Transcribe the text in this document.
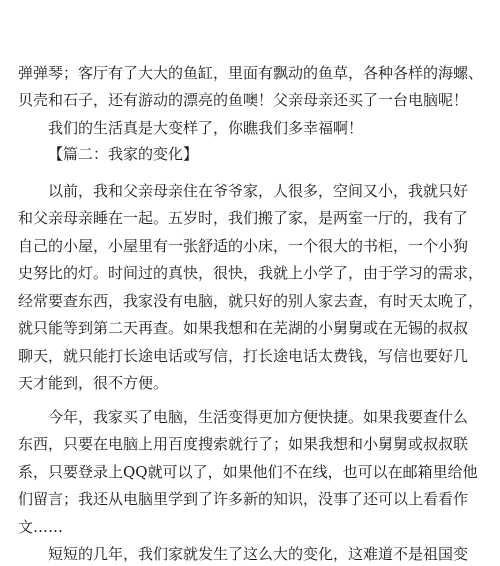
弹弹琴；客厅有了大大的鱼缸，里面有飘动的鱼草，各种各样的海螺、
贝壳和石子，还有游动的漂亮的鱼噢！父亲母亲还买了一台电脑呢！
我们的生活真是大变样了，你瞧我们多幸福啊！
【篇二：我家的变化】
以前，我和父亲母亲住在爷爷家，人很多，空间又小，我就只好
和父亲母亲睡在一起。五岁时，我们搬了家，是两室一厅的，我有了
自己的小屋，小屋里有一张舒适的小床，一个很大的书柜，一个小狗
史努比的灯。时间过的真快，很快，我就上小学了，由于学习的需求，
经常要查东西，我家没有电脑，就只好的别人家去查，有时天太晚了，
就只能等到第二天再查。如果我想和在芜湖的小舅舅或在无锡的叔叔
聊天，就只能打长途电话或写信，打长途电话太费钱，写信也要好几
天才能到，很不方便。
今年，我家买了电脑，生活变得更加方便快捷。如果我要查什么
东西，只要在电脑上用百度搜索就行了；如果我想和小舅舅或叔叔联
系，只要登录上QQ就可以了，如果他们不在线，也可以在邮箱里给他
们留言；我还从电脑里学到了许多新的知识，没事了还可以上看看作
文……
短短的几年，我们家就发生了这么大的变化，这难道不是祖国变
